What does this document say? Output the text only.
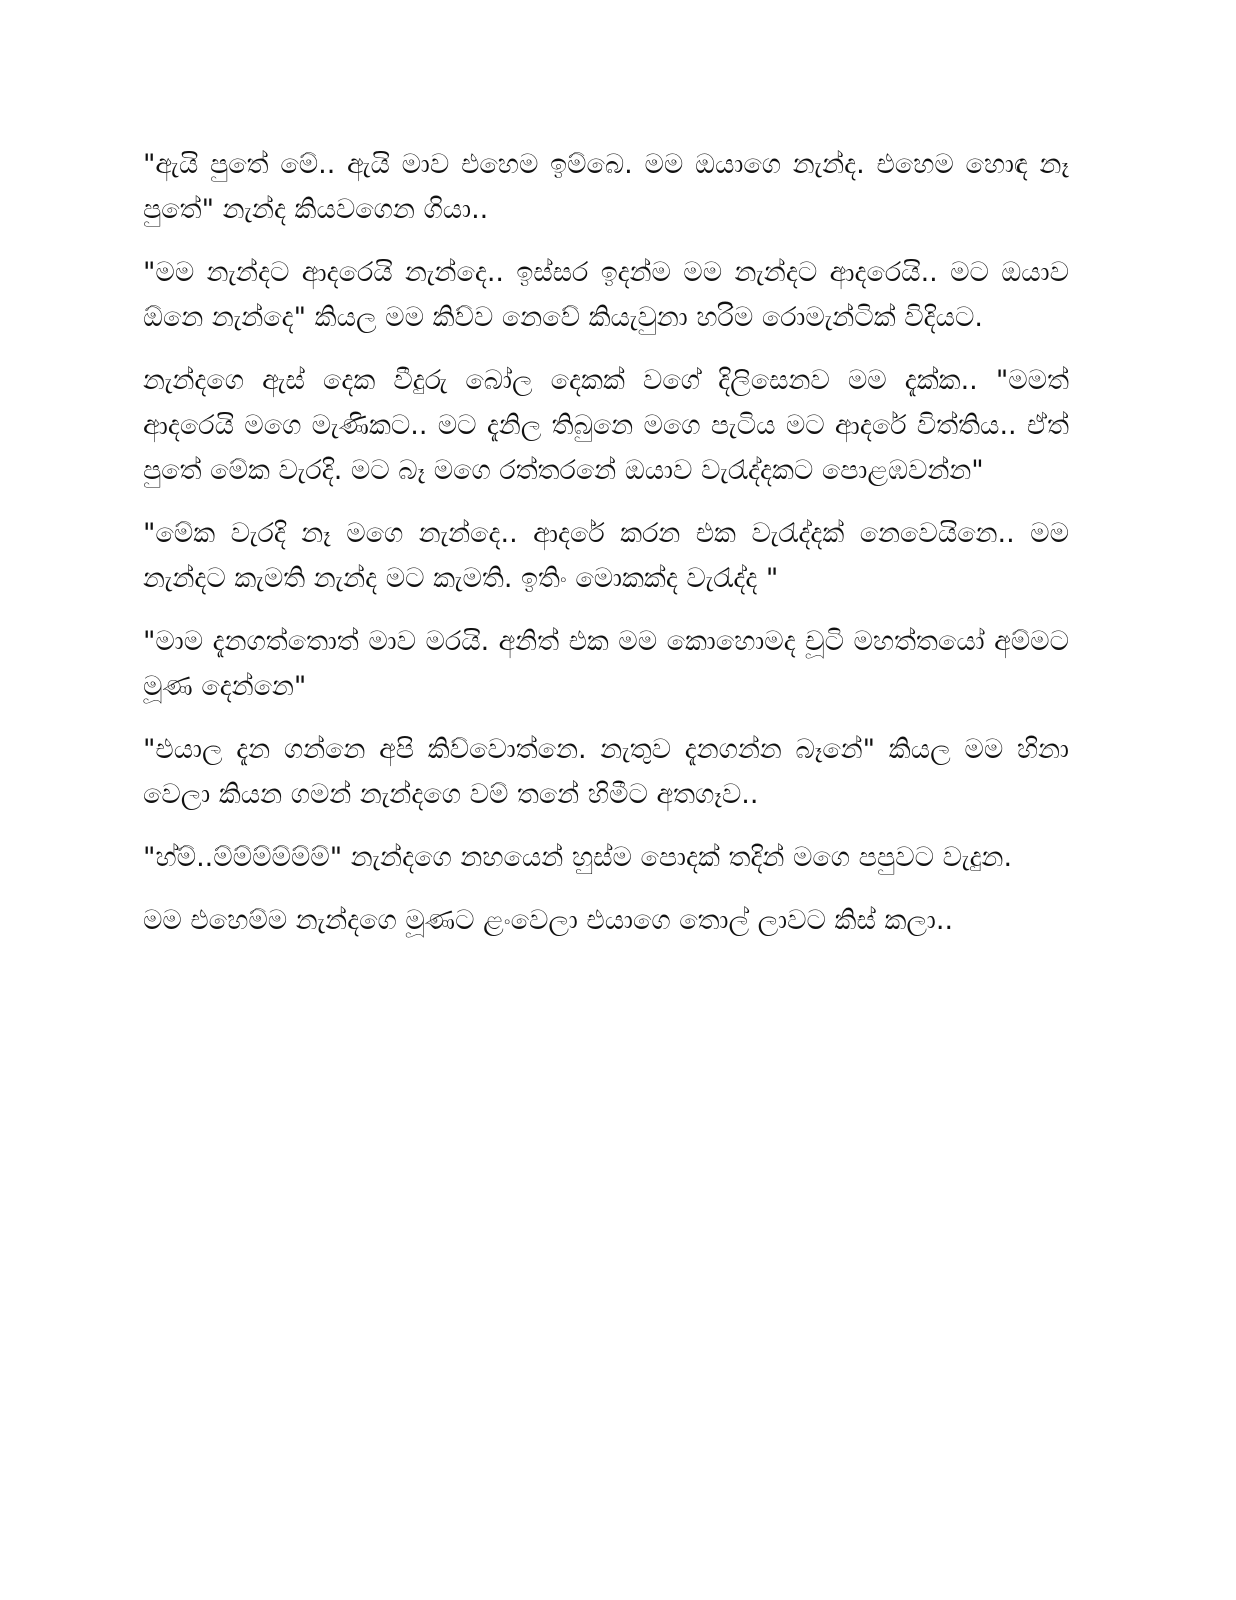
"ඇයි පුතේ මේ.. ඇයි මාව එහෙම ඉම්බෙ. මම ඔයාගෙ නැන්ද. එහෙම හොඳ නෑ පුතේ" නැන්ද කියවගෙන ගියා..

"මම නැන්දට ආදරෙයි නැන්දෙ.. ඉස්සර ඉදන්ම මම නැන්දට ආදරෙයි.. මට ඔයාව ඕනෙ නැන්දෙ" කියල මම කිව්ව නෙවේ කියැවුනා හරිම රොමැන්ටික් විදියට.

නැන්දගෙ ඇස් දෙක වීදුරු බෝල දෙකක් වගේ දිලිසෙනව මම දැක්ක.. "මමත් ආදරෙයි මගෙ මැණිකට.. මට දැනිල තිබුනෙ මගෙ පැටිය මට ආදරේ විත්තිය.. ඒත් පුතේ මේක වැරදි. මට බෑ මගෙ රත්තරනේ ඔයාව වැරැද්දකට පොළඹවන්න"

"මේක වැරදි නෑ මගෙ නැන්දෙ.. ආදරේ කරන එක වැරැද්දක් නෙවෙයිනෙ.. මම නැන්දට කැමති නැන්ද මට කැමති. ඉතිං මොකක්ද වැරැද්ද "

"මාම දැනගත්තොත් මාව මරයි. අනිත් එක මම කොහොමද චූටි මහත්තයෝ අම්මට මූණ දෙන්නෙ"

"එයාල දැන ගන්නෙ අපි කිව්වොත්නෙ. නැතුව දැනගන්න බෑනේ" කියල මම හිනා වෙලා කියන ගමන් නැන්දගෙ වම් තනේ හිමීට අතගෑව..

"හ්ම්..ම්ම්ම්ම්ම්ම්" නැන්දගෙ නහයෙන් හුස්ම පොදක් තදින් මගෙ පපුවට වැදුන.

මම එහෙම්ම නැන්දගෙ මූණට ළංවෙලා එයාගෙ තොල් ලාවට කිස් කලා..
